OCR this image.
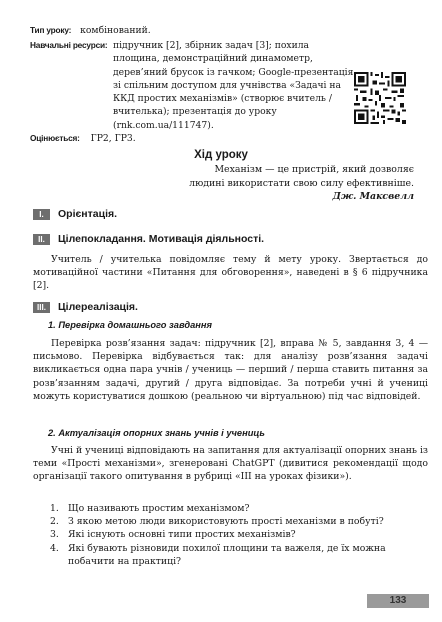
Тип уроку: комбінований.
Навчальні ресурси: підручник [2], збірник задач [3]; похила площина, демонстраційний динамометр, дерев’яний брусок із гачком; Google-презентація зі спільним доступом для учнівства «Задачі на ККД простих механізмів» (створює вчитель / вчителька); презентація до уроку (rnk.com.ua/111747).
Оцінюється: ГР2, ГР3.
Хід уроку
Механізм — це пристрій, який дозволяє
людині використати свою силу ефективніше.
Дж. Максвелл
I.	Орієнтація.
II.	Цілепокладання. Мотивація діяльності.
Учитель / учителька повідомляє тему й мету уроку. Звертається до мотиваційної частини «Питання для обговорення», наведені в § 6 підручника [2].
III.	Цілереалізація.
1. Перевірка домашнього завдання
Перевірка розв’язання задач: підручник [2], вправа № 5, завдання 3, 4 — письмово. Перевірка відбувається так: для аналізу розв’язання задачі викликається одна пара учнів / учениць — перший / перша ставить питання за розв’язанням задачі, другий / друга відповідає. За потреби учні й учениці можуть користуватися дошкою (реальною чи віртуальною) під час відповідей.
2. Актуалізація опорних знань учнів і учениць
Учні й учениці відповідають на запитання для актуалізації опорних знань із теми «Прості механізми», згенеровані ChatGPT (дивитися рекомендації щодо організації такого опитування в рубриці «ІІІ на уроках фізики»).
1. Що називають простим механізмом?
2. З якою метою люди використовують прості механізми в побуті?
3. Які існують основні типи простих механізмів?
4. Які бувають різновиди похилої площини та важеля, де їх можна побачити на практиці?
133
